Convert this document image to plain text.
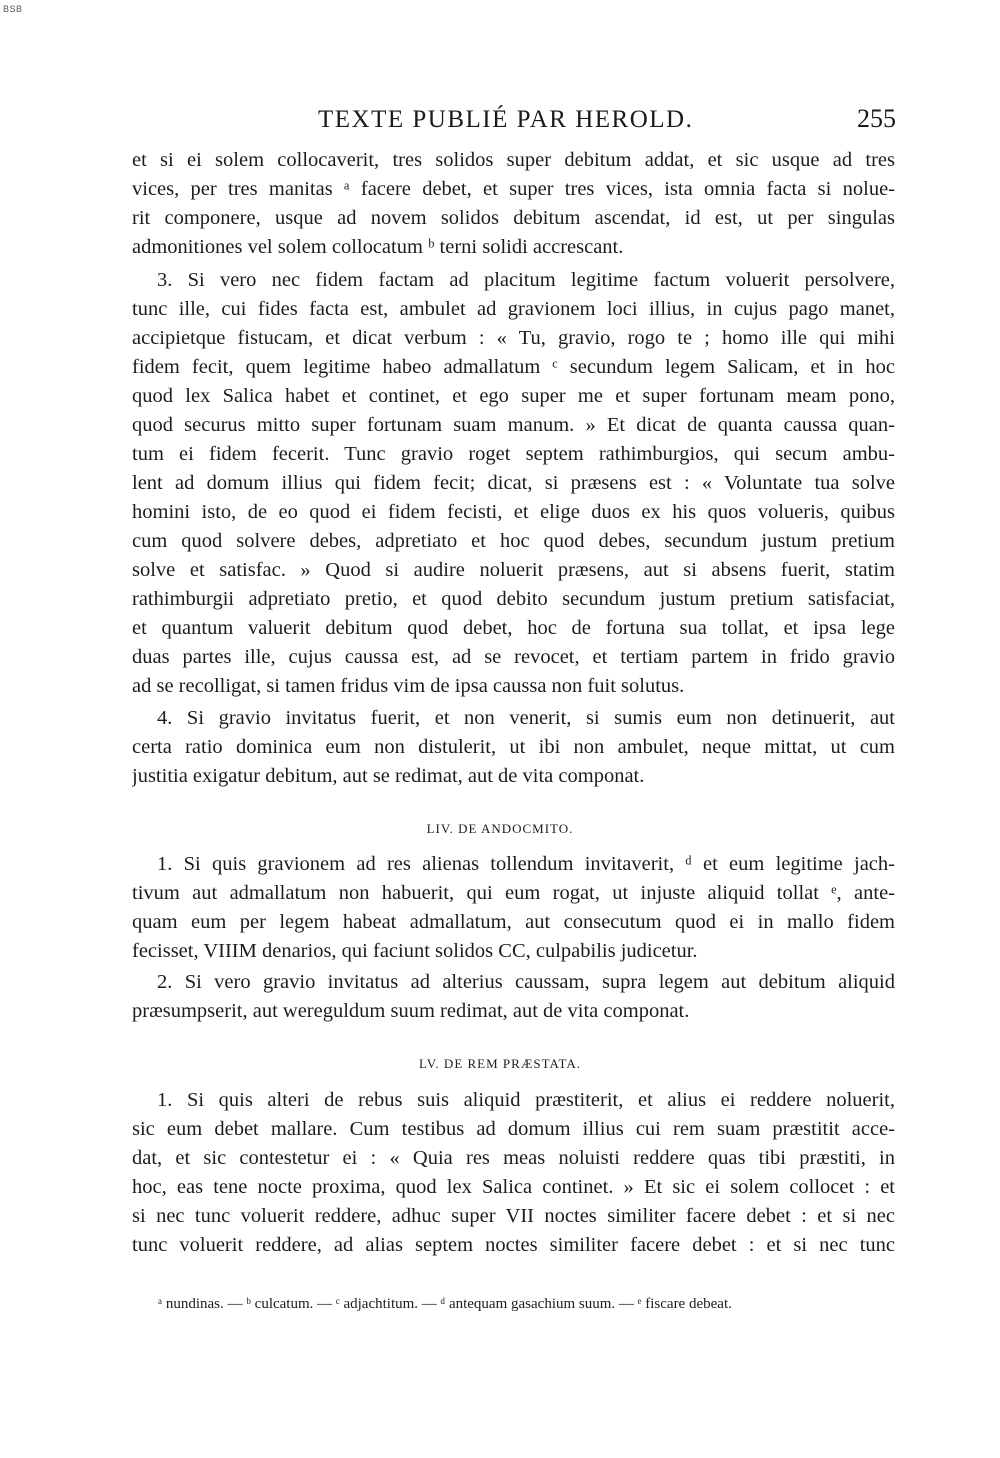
BSB
TEXTE PUBLIÉ PAR HEROLD.	255
et si ei solem collocaverit, tres solidos super debitum addat, et sic usque ad tres
vices, per tres manitas ᵃ facere debet, et super tres vices, ista omnia facta si nolue-
rit componere, usque ad novem solidos debitum ascendat, id est, ut per singulas
admonitiones vel solem collocatum ᵇ terni solidi accrescant.
3. Si vero nec fidem factam ad placitum legitime factum voluerit persolvere,
tunc ille, cui fides facta est, ambulet ad gravionem loci illius, in cujus pago manet,
accipietque fistucam, et dicat verbum : « Tu, gravio, rogo te ; homo ille qui mihi
fidem fecit, quem legitime habeo admallatum ᶜ secundum legem Salicam, et in hoc
quod lex Salica habet et continet, et ego super me et super fortunam meam pono,
quod securus mitto super fortunam suam manum. » Et dicat de quanta caussa quan-
tum ei fidem fecerit. Tunc gravio roget septem rathimburgios, qui secum ambu-
lent ad domum illius qui fidem fecit; dicat, si præsens est : « Voluntate tua solve
homini isto, de eo quod ei fidem fecisti, et elige duos ex his quos volueris, quibus
cum quod solvere debes, adpretiato et hoc quod debes, secundum justum pretium
solve et satisfac. » Quod si audire noluerit præsens, aut si absens fuerit, statim
rathimburgii adpretiato pretio, et quod debito secundum justum pretium satisfaciat,
et quantum valuerit debitum quod debet, hoc de fortuna sua tollat, et ipsa lege
duas partes ille, cujus caussa est, ad se revocet, et tertiam partem in frido gravio
ad se recolligat, si tamen fridus vim de ipsa caussa non fuit solutus.
4. Si gravio invitatus fuerit, et non venerit, si sumis eum non detinuerit, aut
certa ratio dominica eum non distulerit, ut ibi non ambulet, neque mittat, ut cum
justitia exigatur debitum, aut se redimat, aut de vita componat.
LIV. DE ANDOCMITO.
1. Si quis gravionem ad res alienas tollendum invitaverit, ᵈ et eum legitime jach-
tivum aut admallatum non habuerit, qui eum rogat, ut injuste aliquid tollat ᵉ, ante-
quam eum per legem habeat admallatum, aut consecutum quod ei in mallo fidem
fecisset, VIIIM denarios, qui faciunt solidos CC, culpabilis judicetur.
2. Si vero gravio invitatus ad alterius caussam, supra legem aut debitum aliquid
præsumpserit, aut wereguldum suum redimat, aut de vita componat.
LV. DE REM PRÆSTATA.
1. Si quis alteri de rebus suis aliquid præstiterit, et alius ei reddere noluerit,
sic eum debet mallare. Cum testibus ad domum illius cui rem suam præstitit acce-
dat, et sic contestetur ei : « Quia res meas noluisti reddere quas tibi præstiti, in
hoc, eas tene nocte proxima, quod lex Salica continet. » Et sic ei solem collocet : et
si nec tunc voluerit reddere, adhuc super VII noctes similiter facere debet : et si nec
tunc voluerit reddere, ad alias septem noctes similiter facere debet : et si nec tunc
ᵃ nundinas. — ᵇ culcatum. — ᶜ adjachtitum. — ᵈ antequam gasachium suum. — ᵉ fiscare debeat.
